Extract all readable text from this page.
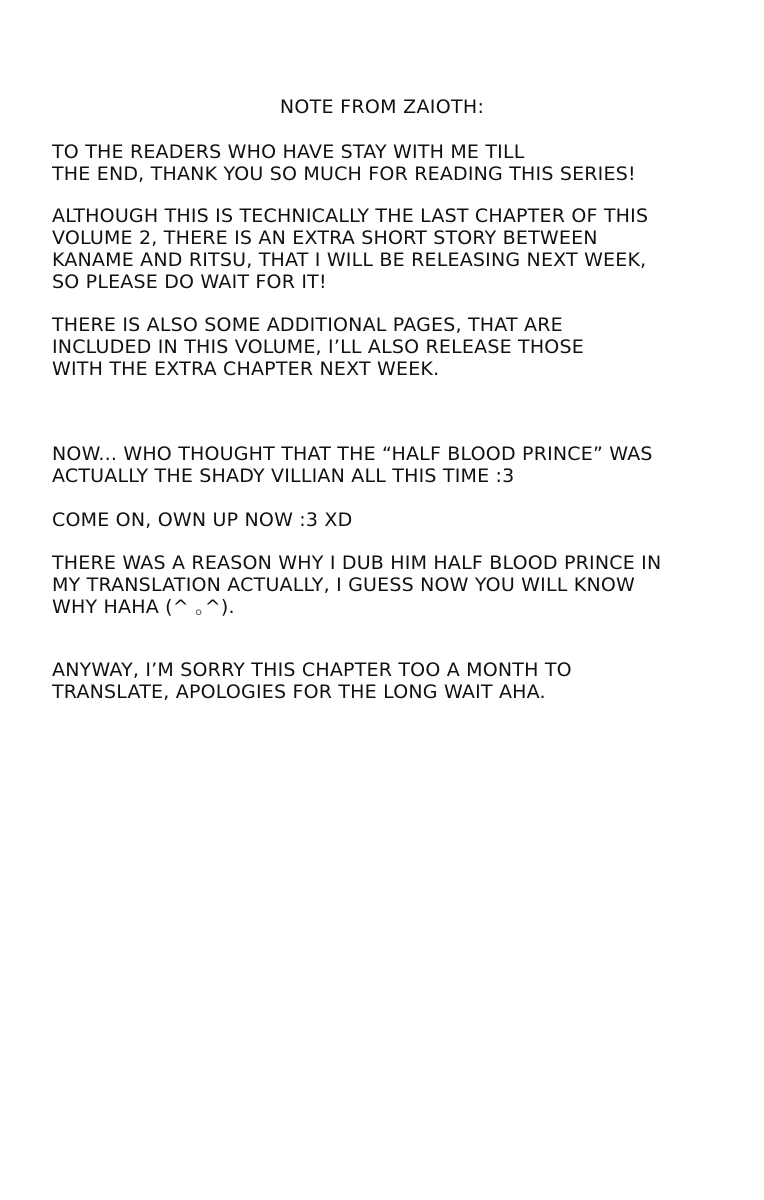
NOTE FROM ZAIOTH:
TO THE READERS WHO HAVE STAY WITH ME TILL
THE END, THANK YOU SO MUCH FOR READING THIS SERIES!
ALTHOUGH THIS IS TECHNICALLY THE LAST CHAPTER OF THIS
VOLUME 2, THERE IS AN EXTRA SHORT STORY BETWEEN
KANAME AND RITSU, THAT I WILL BE RELEASING NEXT WEEK,
SO PLEASE DO WAIT FOR IT!
THERE IS ALSO SOME ADDITIONAL PAGES, THAT ARE
INCLUDED IN THIS VOLUME, I’LL ALSO RELEASE THOSE
WITH THE EXTRA CHAPTER NEXT WEEK.
NOW... WHO THOUGHT THAT THE “HALF BLOOD PRINCE” WAS
ACTUALLY THE SHADY VILLIAN ALL THIS TIME :3
COME ON, OWN UP NOW :3 XD
THERE WAS A REASON WHY I DUB HIM HALF BLOOD PRINCE IN
MY TRANSLATION ACTUALLY, I GUESS NOW YOU WILL KNOW
WHY HAHA (^ ｡^).
ANYWAY, I’M SORRY THIS CHAPTER TOO A MONTH TO
TRANSLATE, APOLOGIES FOR THE LONG WAIT AHA.
